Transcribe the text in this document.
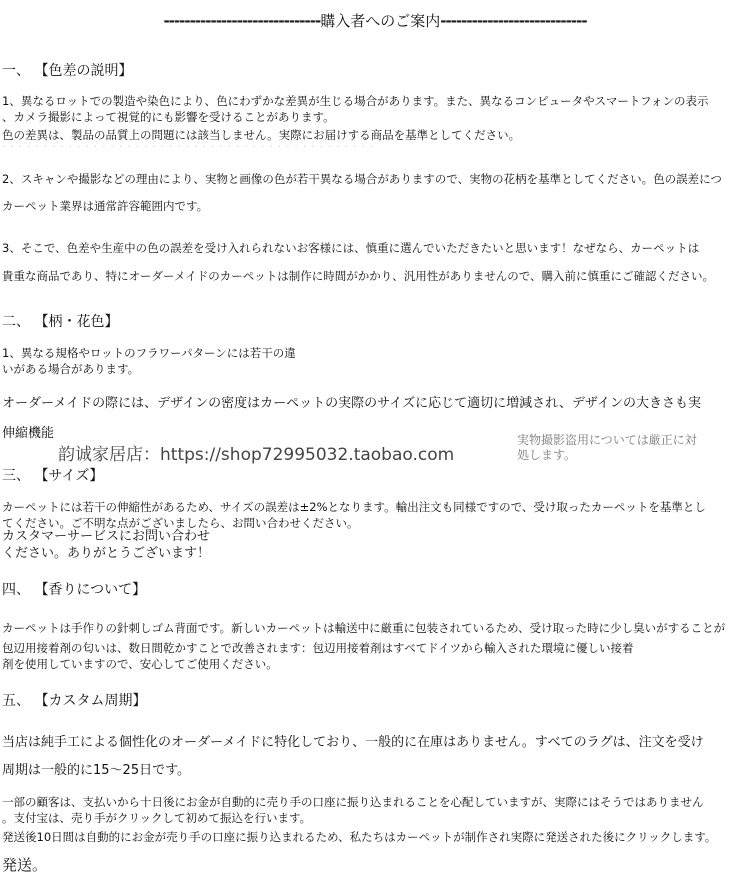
------------------------------購入者へのご案内----------------------------
一、 【色差の説明】
1、異なるロットでの製造や染色により、色にわずかな差異が生じる場合があります。また、異なるコンピュータやスマートフォンの表示
、カメラ撮影によって視覚的にも影響を受けることがあります。
色の差異は、製品の品質上の問題には該当しません。実際にお届けする商品を基準としてください。
· · · · · · · · · · · · · · · · · · · · · · · · · · · · · · · · · · · · · · · · · · · · ·
2、スキャンや撮影などの理由により、実物と画像の色が若干異なる場合がありますので、実物の花柄を基準としてください。色の誤差につ
カーペット業界は通常許容範囲内です。
3、そこで、色差や生産中の色の誤差を受け入れられないお客様には、慎重に選んでいただきたいと思います！なぜなら、カーペットは
貴重な商品であり、特にオーダーメイドのカーペットは制作に時間がかかり、汎用性がありませんので、購入前に慎重にご確認ください。
二、 【柄・花色】
1、異なる規格やロットのフラワーパターンには若干の違
いがある場合があります。
オーダーメイドの際には、デザインの密度はカーペットの実際のサイズに応じて適切に増減され、デザインの大きさも実
伸縮機能
韵诚家居店：https://shop72995032.taobao.com
実物撮影盗用については厳正に対処します。
三、 【サイズ】
カーペットには若干の伸縮性があるため、サイズの誤差は±2%となります。輸出注文も同様ですので、受け取ったカーペットを基準とし
てください。ご不明な点がございましたら、お問い合わせください。
カスタマーサービスにお問い合わせ
ください。ありがとうございます！
四、 【香りについて】
カーペットは手作りの針刺しゴム背面です。新しいカーペットは輸送中に厳重に包装されているため、受け取った時に少し臭いがすることが
包辺用接着剤の匂いは、数日間乾かすことで改善されます：包辺用接着剤はすべてドイツから輸入された環境に優しい接着
剤を使用していますので、安心してご使用ください。
五、 【カスタム周期】
当店は純手工による個性化のオーダーメイドに特化しており、一般的に在庫はありません。すべてのラグは、注文を受け
周期は一般的に15〜25日です。
一部の顧客は、支払いから十日後にお金が自動的に売り手の口座に振り込まれることを心配していますが、実際にはそうではありません
。支付宝は、売り手がクリックして初めて振込を行います。
発送後10日間は自動的にお金が売り手の口座に振り込まれるため、私たちはカーペットが制作され実際に発送された後にクリックします。
発送。
